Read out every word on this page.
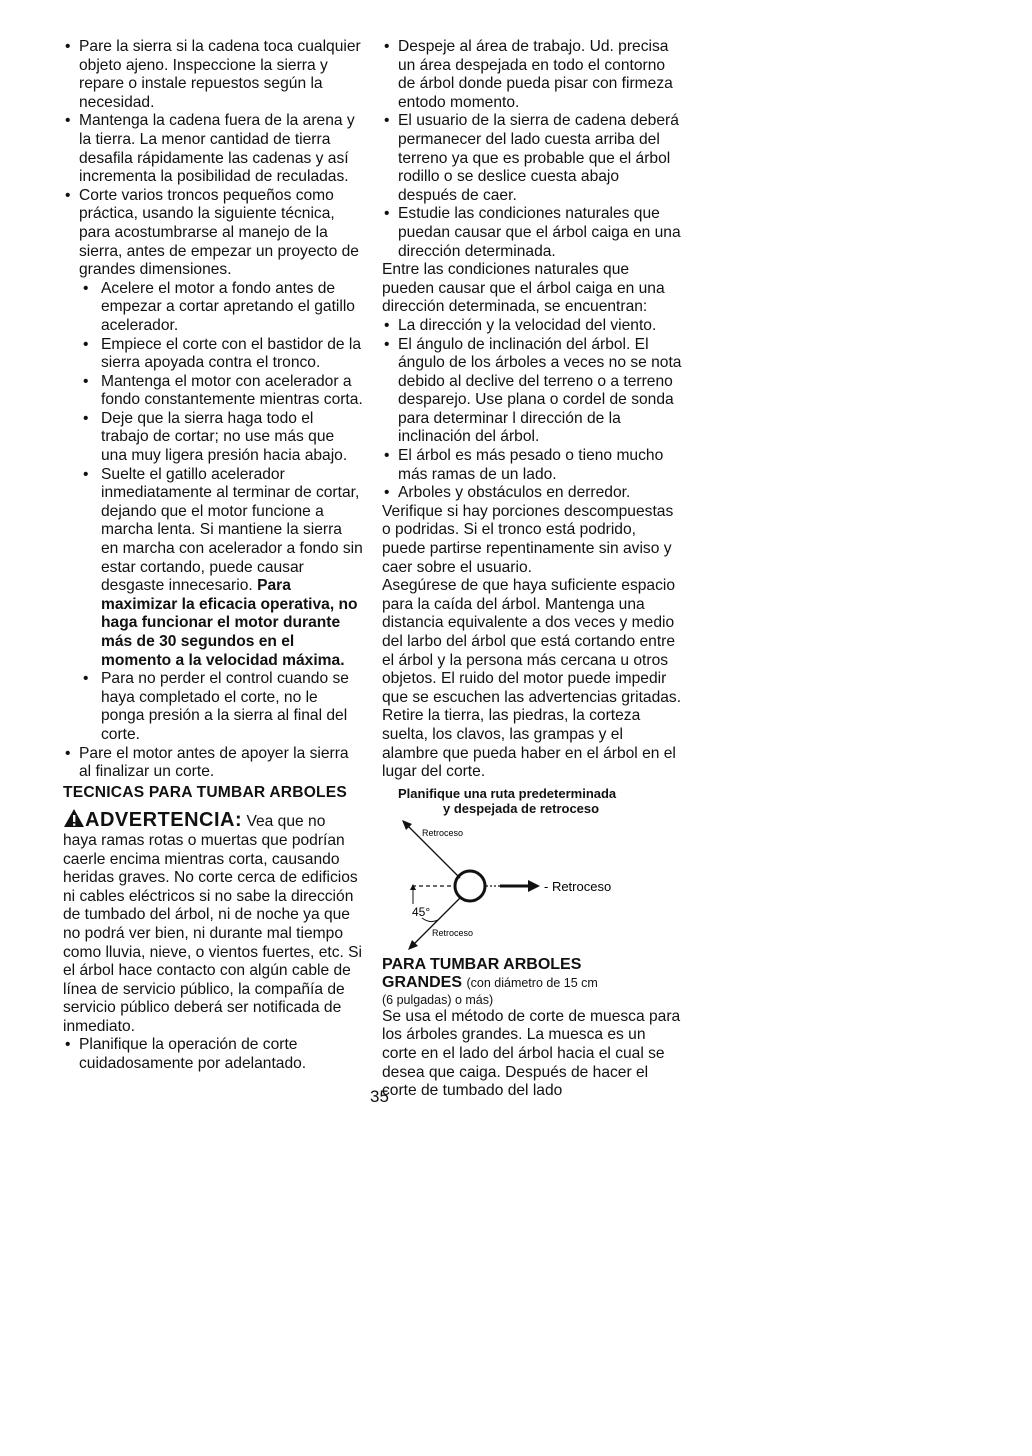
• Pare la sierra si la cadena toca cualquier objeto ajeno. Inspeccione la sierra y repare o instale repuestos según la necesidad.
• Mantenga la cadena fuera de la arena y la tierra. La menor cantidad de tierra desafila rápidamente las cadenas y así incrementa la posibilidad de reculadas.
• Corte varios troncos pequeños como práctica, usando la siguiente técnica, para acostumbrarse al manejo de la sierra, antes de empezar un proyecto de grandes dimensiones.
• Acelere el motor a fondo antes de empezar a cortar apretando el gatillo acelerador.
• Empiece el corte con el bastidor de la sierra apoyada contra el tronco.
• Mantenga el motor con acelerador a fondo constantemente mientras corta.
• Deje que la sierra haga todo el trabajo de cortar; no use más que una muy ligera presión hacia abajo.
• Suelte el gatillo acelerador inmediatamente al terminar de cortar, dejando que el motor funcione a marcha lenta. Si mantiene la sierra en marcha con acelerador a fondo sin estar cortando, puede causar desgaste innecesario. Para maximizar la eficacia operativa, no haga funcionar el motor durante más de 30 segundos en el momento a la velocidad máxima.
• Para no perder el control cuando se haya completado el corte, no le ponga presión a la sierra al final del corte.
• Pare el motor antes de apoyer la sierra al finalizar un corte.
TECNICAS PARA TUMBAR ARBOLES
ADVERTENCIA: Vea que no haya ramas rotas o muertas que podrían caerle encima mientras corta, causando heridas graves. No corte cerca de edificios ni cables eléctricos si no sabe la dirección de tumbado del árbol, ni de noche ya que no podrá ver bien, ni durante mal tiempo como lluvia, nieve, o vientos fuertes, etc. Si el árbol hace contacto con algún cable de línea de servicio público, la compañía de servicio público deberá ser notificada de inmediato.
• Planifique la operación de corte cuidadosamente por adelantado.
• Despeje al área de trabajo. Ud. precisa un área despejada en todo el contorno de árbol donde pueda pisar con firmeza entodo momento.
• El usuario de la sierra de cadena deberá permanecer del lado cuesta arriba del terreno ya que es probable que el árbol rodillo o se deslice cuesta abajo después de caer.
• Estudie las condiciones naturales que puedan causar que el árbol caiga en una dirección determinada.

Entre las condiciones naturales que pueden causar que el árbol caiga en una dirección determinada, se encuentran:

• La dirección y la velocidad del viento.
• El ángulo de inclinación del árbol. El ángulo de los árboles a veces no se nota debido al declive del terreno o a terreno desparejo. Use plana o cordel de sonda para determinar l dirección de la inclinación del árbol.
• El árbol es más pesado o tieno mucho más ramas de un lado.
• Arboles y obstáculos en derredor.

Verifique si hay porciones descompuestas o podridas. Si el tronco está podrido, puede partirse repentinamente sin aviso y caer sobre el usuario.

Asegúrese de que haya suficiente espacio para la caída del árbol. Mantenga una distancia equivalente a dos veces y medio del larbo del árbol que está cortando entre el árbol y la persona más cercana u otros objetos. El ruido del motor puede impedir que se escuchen las advertencias gritadas.

Retire la tierra, las piedras, la corteza suelta, los clavos, las grampas y el alambre que pueda haber en el árbol en el lugar del corte.

Planifique una ruta predeterminada
y despejada de retroceso
Retroceso
45°
- Retroceso
Retroceso
PARA TUMBAR ARBOLES
GRANDES (con diámetro de 15 cm
(6 pulgadas) o más)

Se usa el método de corte de muesca para los árboles grandes. La muesca es un corte en el lado del árbol hacia el cual se desea que caiga. Después de hacer el corte de tumbado del lado

35
